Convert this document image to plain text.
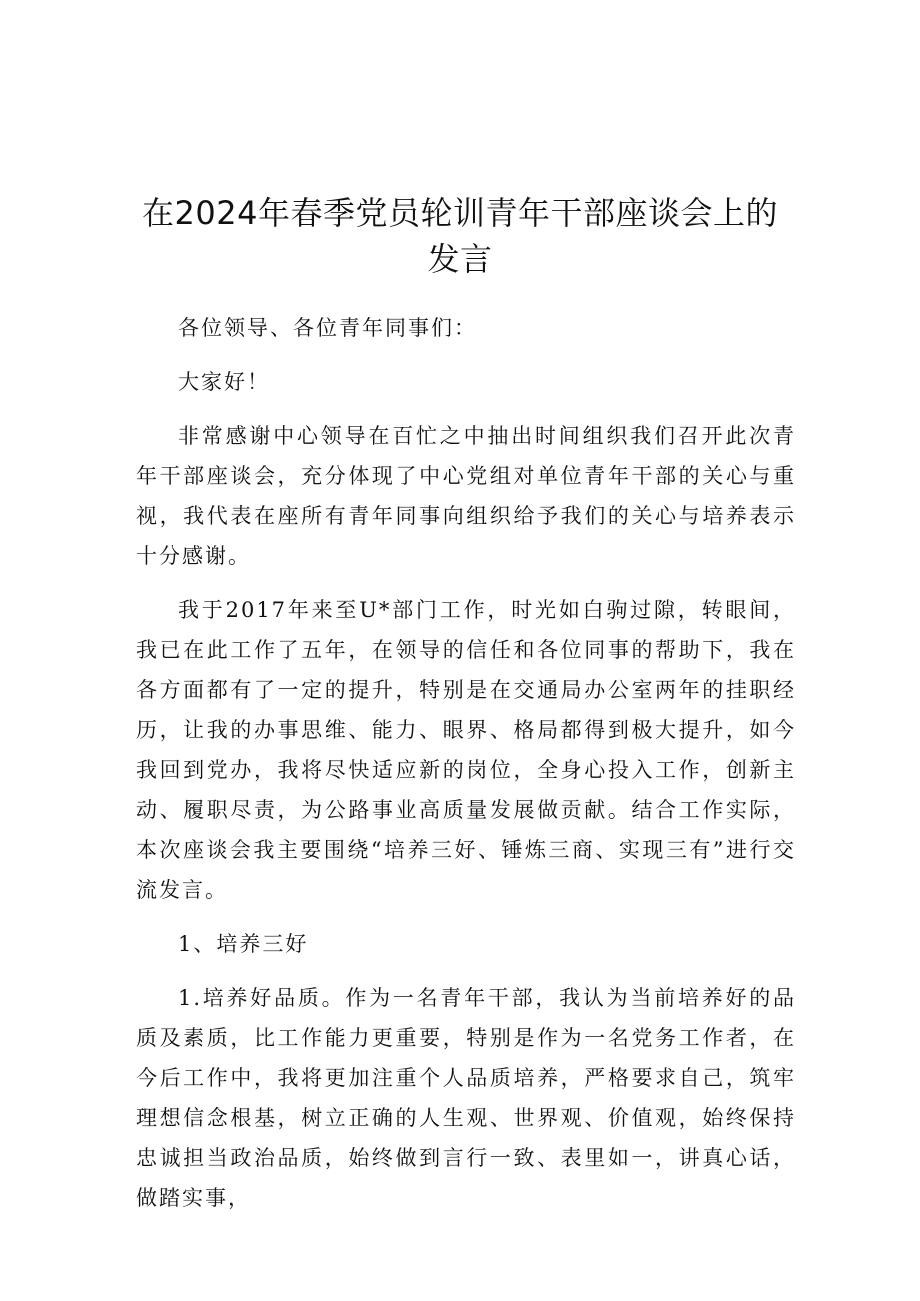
在2024年春季党员轮训青年干部座谈会上的发言

各位领导、各位青年同事们：

大家好！

非常感谢中心领导在百忙之中抽出时间组织我们召开此次青年干部座谈会，充分体现了中心党组对单位青年干部的关心与重视，我代表在座所有青年同事向组织给予我们的关心与培养表示十分感谢。

我于2017年来至U*部门工作，时光如白驹过隙，转眼间，我已在此工作了五年，在领导的信任和各位同事的帮助下，我在各方面都有了一定的提升，特别是在交通局办公室两年的挂职经历，让我的办事思维、能力、眼界、格局都得到极大提升，如今我回到党办，我将尽快适应新的岗位，全身心投入工作，创新主动、履职尽责，为公路事业高质量发展做贡献。结合工作实际，本次座谈会我主要围绕“培养三好、锤炼三商、实现三有”进行交流发言。

1、培养三好

1.培养好品质。作为一名青年干部，我认为当前培养好的品质及素质，比工作能力更重要，特别是作为一名党务工作者，在今后工作中，我将更加注重个人品质培养，严格要求自己，筑牢理想信念根基，树立正确的人生观、世界观、价值观，始终保持忠诚担当政治品质，始终做到言行一致、表里如一，讲真心话，做踏实事，
